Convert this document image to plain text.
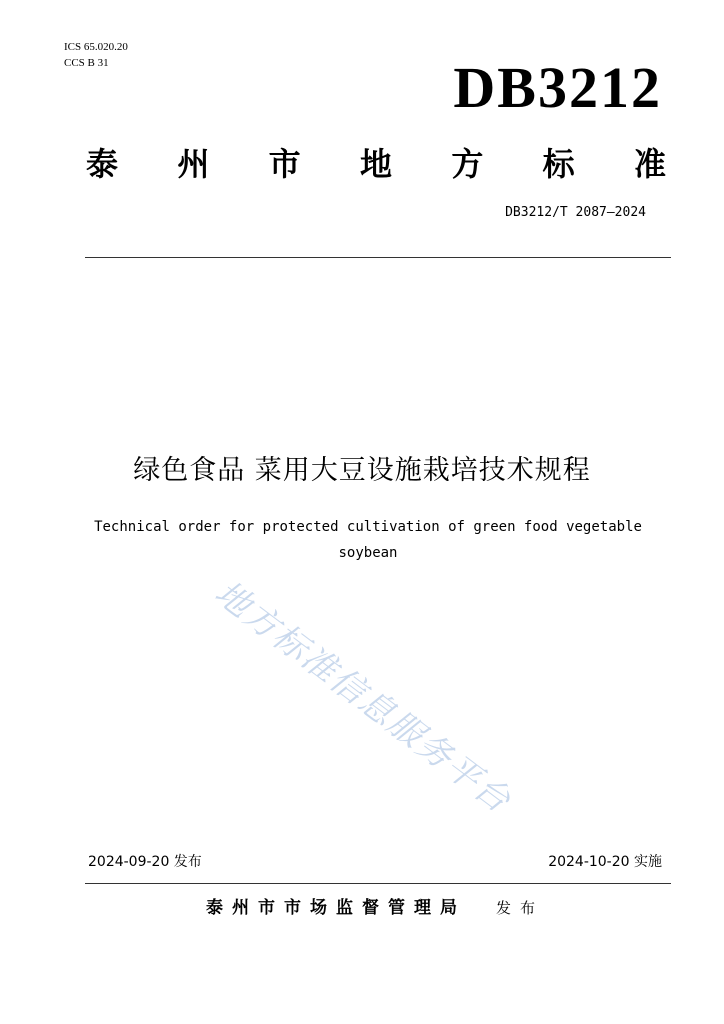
ICS 65.020.20
CCS B 31	DB3212
泰 州 市 地 方 标 准
DB3212/T 2087—2024
绿色食品 菜用大豆设施栽培技术规程
Technical order for protected cultivation of green food vegetable
soybean
地方标准信息服务平台
2024-09-20 发布	2024-10-20 实施
泰州市市场监督管理局 发布
